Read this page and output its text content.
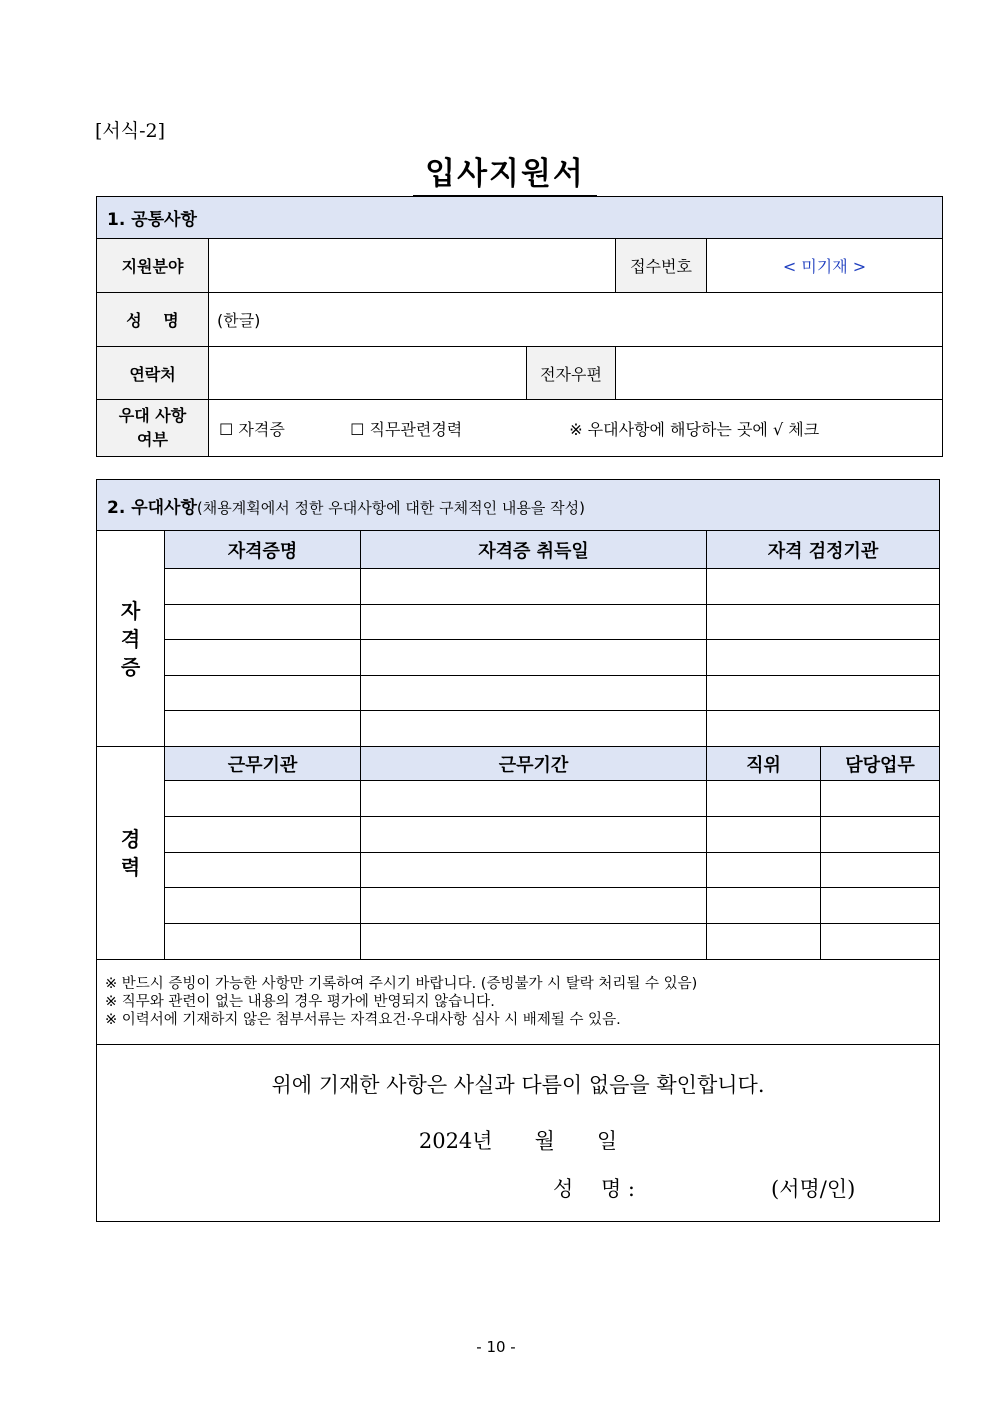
[서식-2]
입사지원서
1. 공통사항				
지원분야			접수번호	< 미기재 >
성　 명	(한글)			
연락처		전자우편		

우대 사항
여부	☐ 자격증 ☐ 직무관련경력 ※ 우대사항에 해당하는 곳에 √ 체크			
2. 우대사항(채용계획에서 정한 우대사항에 대한 구체적인 내용을 작성)				

자
격
증	자격증명	자격증 취득일	자격 검정기관	

경
력	근무기관	근무기간	직위	담당업무

※ 반드시 증빙이 가능한 사항만 기록하여 주시기 바랍니다. (증빙불가 시 탈락 처리될 수 있음)
※ 직무와 관련이 없는 내용의 경우 평가에 반영되지 않습니다.
※ 이력서에 기재하지 않은 첨부서류는 자격요건·우대사항 심사 시 배제될 수 있음.				

위에 기재한 사항은 사실과 다름이 없음을 확인합니다.
2024년　　월　　일
성　 명 : (서명/인)				
- 10 -
